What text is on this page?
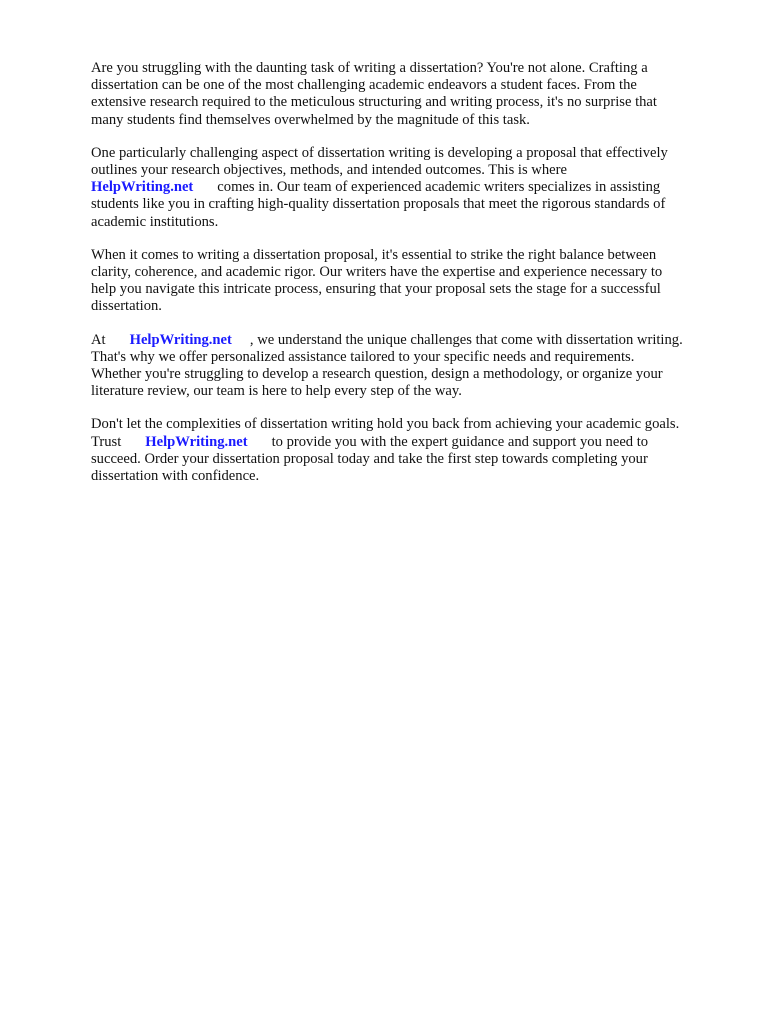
Are you struggling with the daunting task of writing a dissertation? You're not alone. Crafting a
dissertation can be one of the most challenging academic endeavors a student faces. From the
extensive research required to the meticulous structuring and writing process, it's no surprise that
many students find themselves overwhelmed by the magnitude of this task.

One particularly challenging aspect of dissertation writing is developing a proposal that effectively
outlines your research objectives, methods, and intended outcomes. This is where
HelpWriting.net comes in. Our team of experienced academic writers specializes in assisting
students like you in crafting high-quality dissertation proposals that meet the rigorous standards of
academic institutions.

When it comes to writing a dissertation proposal, it's essential to strike the right balance between
clarity, coherence, and academic rigor. Our writers have the expertise and experience necessary to
help you navigate this intricate process, ensuring that your proposal sets the stage for a successful
dissertation.

At HelpWriting.net , we understand the unique challenges that come with dissertation writing.
That's why we offer personalized assistance tailored to your specific needs and requirements.
Whether you're struggling to develop a research question, design a methodology, or organize your
literature review, our team is here to help every step of the way.

Don't let the complexities of dissertation writing hold you back from achieving your academic goals.
Trust HelpWriting.net to provide you with the expert guidance and support you need to
succeed. Order your dissertation proposal today and take the first step towards completing your
dissertation with confidence.
